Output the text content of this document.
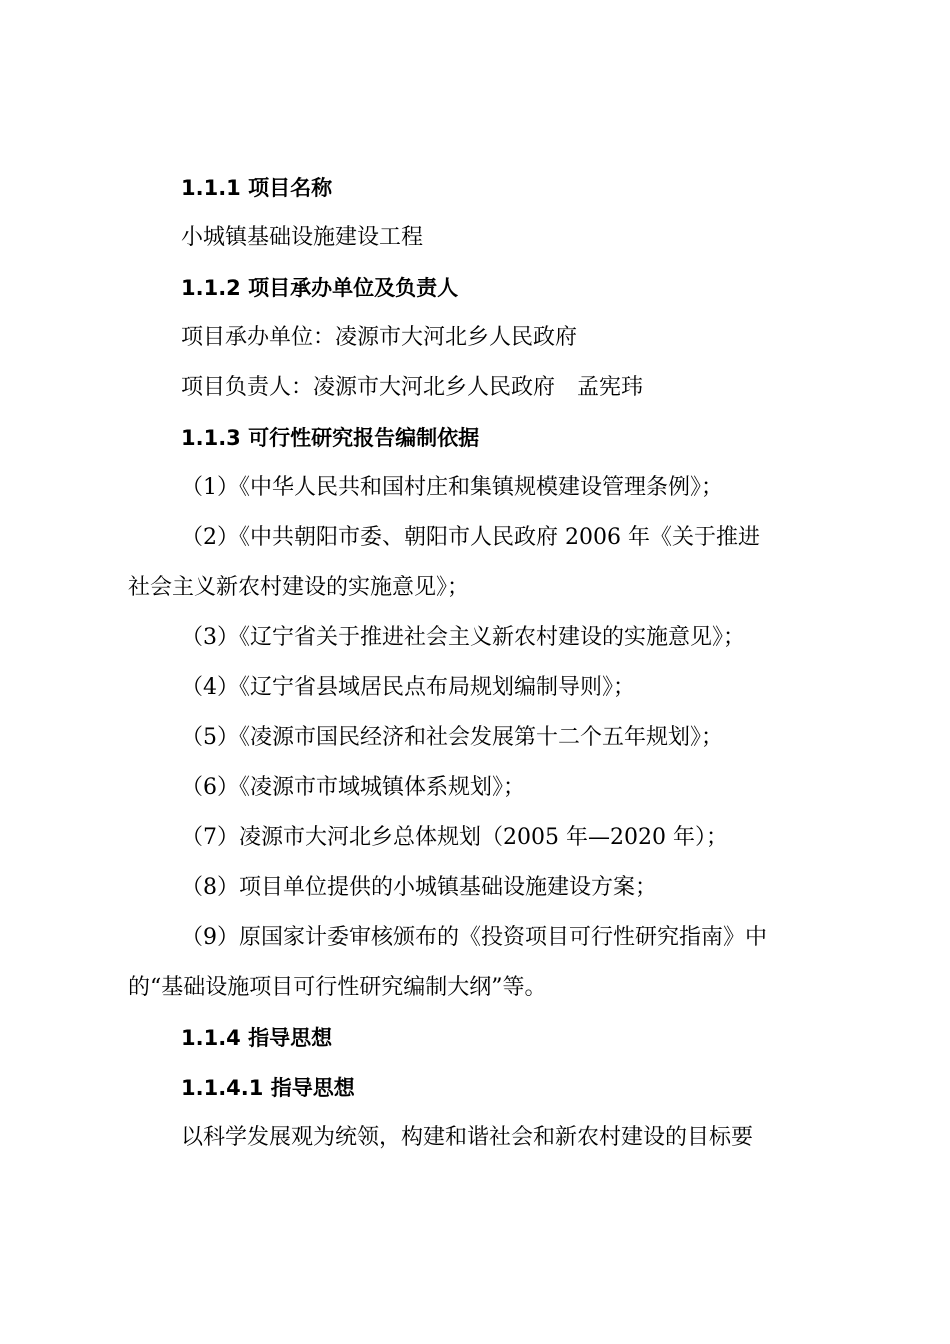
1.1.1 项目名称
小城镇基础设施建设工程
1.1.2 项目承办单位及负责人
项目承办单位：凌源市大河北乡人民政府
项目负责人：凌源市大河北乡人民政府　孟宪玮
1.1.3 可行性研究报告编制依据
（1）《中华人民共和国村庄和集镇规模建设管理条例》；
（2）《中共朝阳市委、朝阳市人民政府 2006 年《关于推进
社会主义新农村建设的实施意见》；
（3）《辽宁省关于推进社会主义新农村建设的实施意见》；
（4）《辽宁省县域居民点布局规划编制导则》；
（5）《凌源市国民经济和社会发展第十二个五年规划》；
（6）《凌源市市域城镇体系规划》；
（7）凌源市大河北乡总体规划（2005 年—2020 年）；
（8）项目单位提供的小城镇基础设施建设方案；
（9）原国家计委审核颁布的《投资项目可行性研究指南》中
的“基础设施项目可行性研究编制大纲”等。
1.1.4 指导思想
1.1.4.1 指导思想
以科学发展观为统领，构建和谐社会和新农村建设的目标要
